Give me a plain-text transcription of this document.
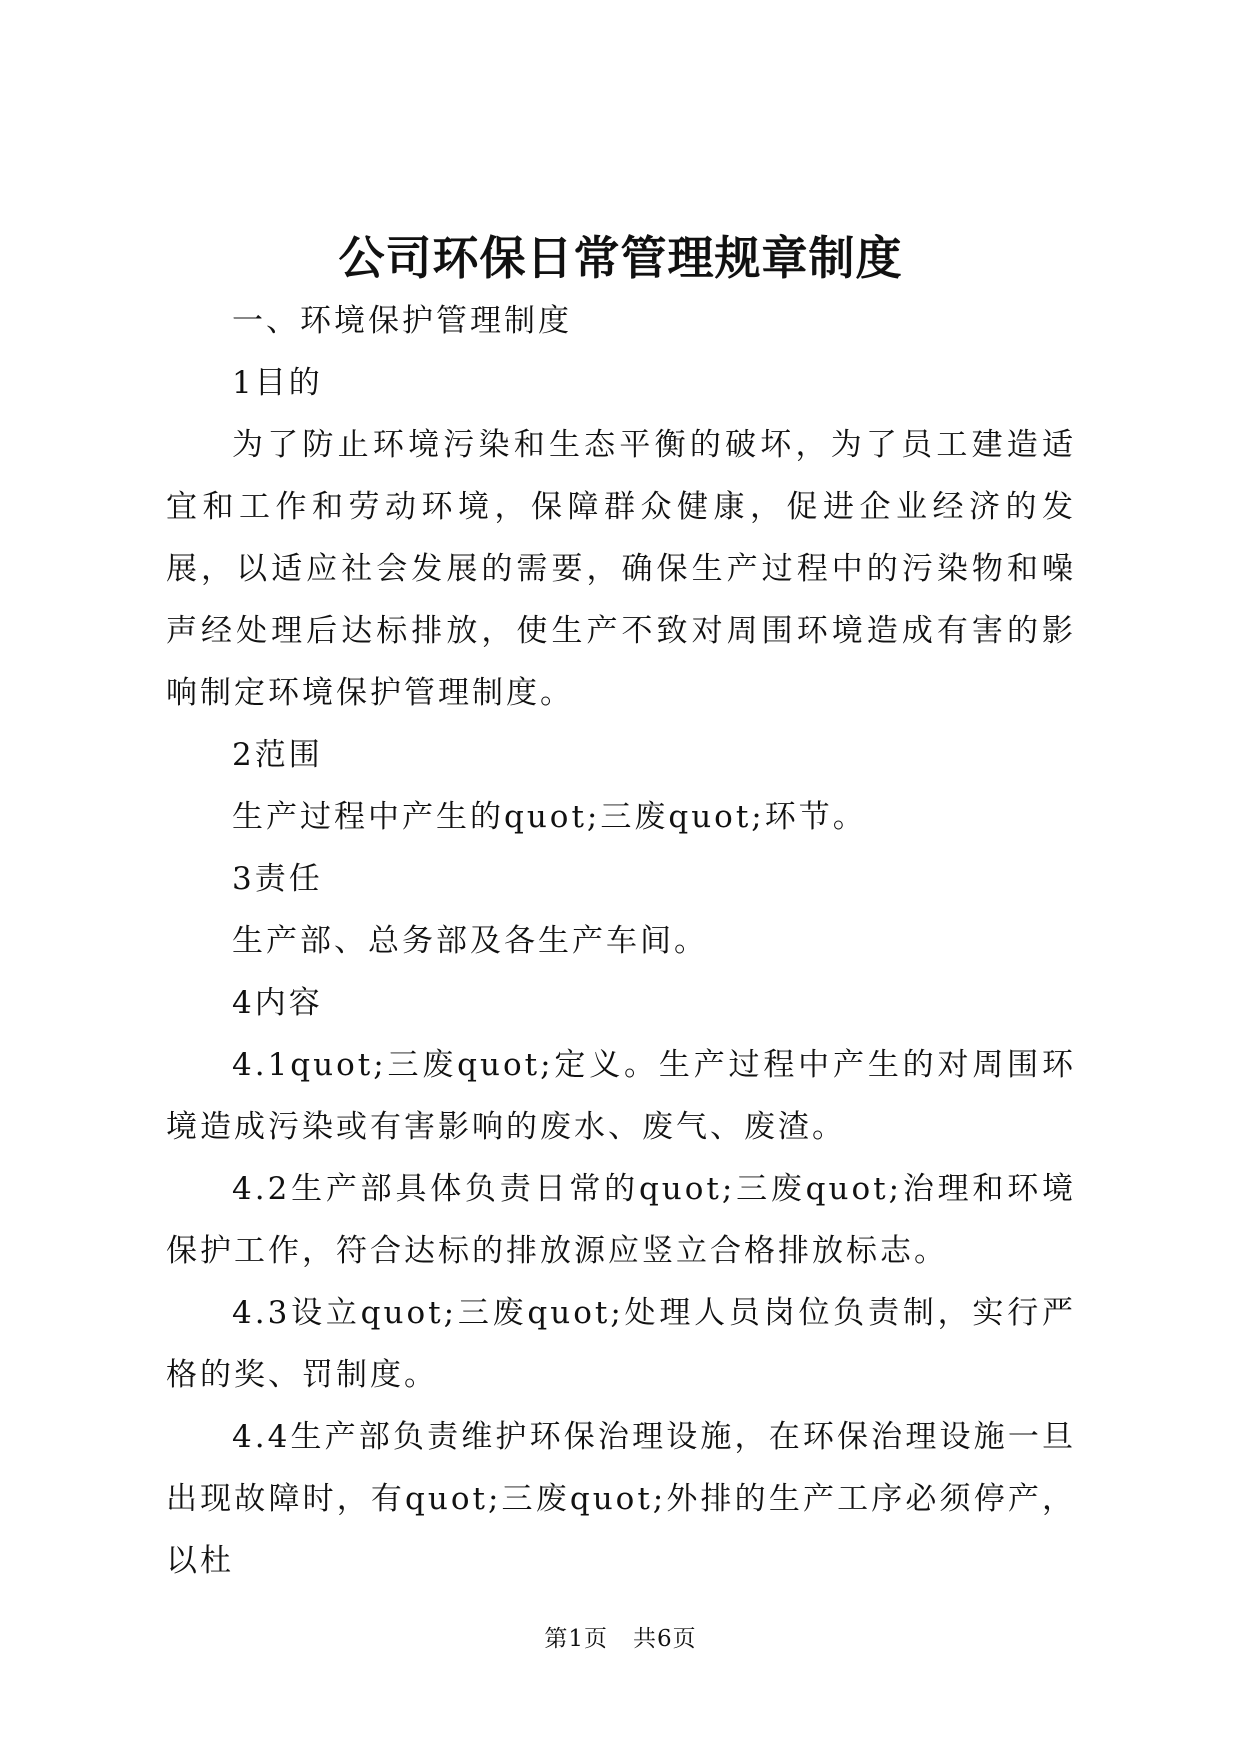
公司环保日常管理规章制度

一、环境保护管理制度

1目的

为了防止环境污染和生态平衡的破坏，为了员工建造适宜和工作和劳动环境，保障群众健康，促进企业经济的发展，以适应社会发展的需要，确保生产过程中的污染物和噪声经处理后达标排放，使生产不致对周围环境造成有害的影响制定环境保护管理制度。

2范围

生产过程中产生的quot;三废quot;环节。

3责任

生产部、总务部及各生产车间。

4内容

4.1quot;三废quot;定义。生产过程中产生的对周围环境造成污染或有害影响的废水、废气、废渣。

4.2生产部具体负责日常的quot;三废quot;治理和环境保护工作，符合达标的排放源应竖立合格排放标志。

4.3设立quot;三废quot;处理人员岗位负责制，实行严格的奖、罚制度。

4.4生产部负责维护环保治理设施，在环保治理设施一旦出现故障时，有quot;三废quot;外排的生产工序必须停产，以杜

第1页 共6页
